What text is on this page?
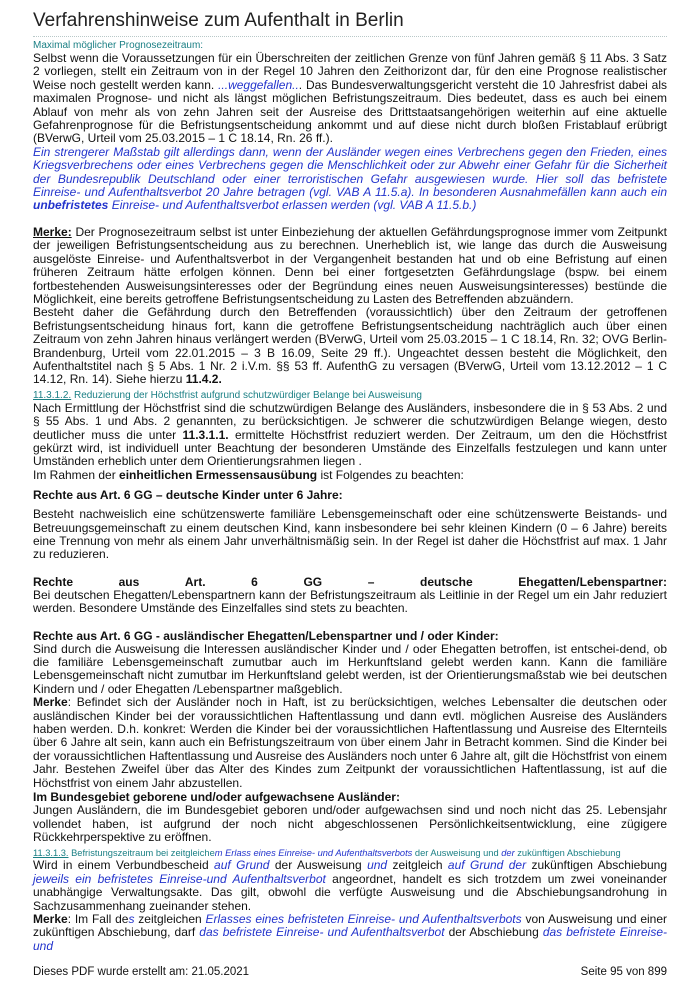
Verfahrenshinweise zum Aufenthalt in Berlin
Maximal möglicher Prognosezeitraum:

Selbst wenn die Voraussetzungen für ein Überschreiten der zeitlichen Grenze von fünf Jahren gemäß § 11 Abs. 3 Satz 2 vorliegen, stellt ein Zeitraum von in der Regel 10 Jahren den Zeithorizont dar, für den eine Prognose realistischer Weise noch gestellt werden kann. ...weggefallen... Das Bundesverwaltungsgericht versteht die 10 Jahresfrist dabei als maximalen Prognose- und nicht als längst möglichen Befristungszeitraum. Dies bedeutet, dass es auch bei einem Ablauf von mehr als von zehn Jahren seit der Ausreise des Drittstaatsangehörigen weiterhin auf eine aktuelle Gefahrenprognose für die Befristungsentscheidung ankommt und auf diese nicht durch bloßen Fristablauf erübrigt (BVerwG, Urteil vom 25.03.2015 – 1 C 18.14, Rn. 26 ff.).

Ein strengerer Maßstab gilt allerdings dann, wenn der Ausländer wegen eines Verbrechens gegen den Frieden, eines Kriegsverbrechens oder eines Verbrechens gegen die Menschlichkeit oder zur Abwehr einer Gefahr für die Sicherheit der Bundesrepublik Deutschland oder einer terroristischen Gefahr ausgewiesen wurde. Hier soll das befristete Einreise- und Aufenthaltsverbot 20 Jahre betragen (vgl. VAB A 11.5.a). In besonderen Ausnahmefällen kann auch ein unbefristetes Einreise- und Aufenthaltsverbot erlassen werden (vgl. VAB A 11.5.b.)

Merke: Der Prognosezeitraum selbst ist unter Einbeziehung der aktuellen Gefährdungsprognose immer vom Zeitpunkt der jeweiligen Befristungsentscheidung aus zu berechnen. Unerheblich ist, wie lange das durch die Ausweisung ausgelöste Einreise- und Aufenthaltsverbot in der Vergangenheit bestanden hat und ob eine Befristung auf einen früheren Zeitraum hätte erfolgen können. Denn bei einer fortgesetzten Gefährdungslage (bspw. bei einem fortbestehenden Ausweisungsinteresses oder der Begründung eines neuen Ausweisungsinteresses) bestünde die Möglichkeit, eine bereits getroffene Befristungsentscheidung zu Lasten des Betreffenden abzuändern.

Besteht daher die Gefährdung durch den Betreffenden (voraussichtlich) über den Zeitraum der getroffenen Befristungsentscheidung hinaus fort, kann die getroffene Befristungsentscheidung nachträglich auch über einen Zeitraum von zehn Jahren hinaus verlängert werden (BVerwG, Urteil vom 25.03.2015 – 1 C 18.14, Rn. 32; OVG Berlin-Brandenburg, Urteil vom 22.01.2015 – 3 B 16.09, Seite 29 ff.). Ungeachtet dessen besteht die Möglichkeit, den Aufenthaltstitel nach § 5 Abs. 1 Nr. 2 i.V.m. §§ 53 ff. AufenthG zu versagen (BVerwG, Urteil vom 13.12.2012 – 1 C 14.12, Rn. 14). Siehe hierzu 11.4.2.

11.3.1.2. Reduzierung der Höchstfrist aufgrund schutzwürdiger Belange bei Ausweisung

Nach Ermittlung der Höchstfrist sind die schutzwürdigen Belange des Ausländers, insbesondere die in § 53 Abs. 2 und § 55 Abs. 1 und Abs. 2 genannten, zu berücksichtigen. Je schwerer die schutzwürdigen Belange wiegen, desto deutlicher muss die unter 11.3.1.1. ermittelte Höchstfrist reduziert werden. Der Zeitraum, um den die Höchstfrist gekürzt wird, ist individuell unter Beachtung der besonderen Umstände des Einzelfalls festzulegen und kann unter Umständen erheblich unter dem Orientierungsrahmen liegen .

Im Rahmen der einheitlichen Ermessensausübung ist Folgendes zu beachten:

Rechte aus Art. 6 GG – deutsche Kinder unter 6 Jahre:

Besteht nachweislich eine schützenswerte familiäre Lebensgemeinschaft oder eine schützenswerte Beistands- und Betreuungsgemeinschaft zu einem deutschen Kind, kann insbesondere bei sehr kleinen Kindern (0 – 6 Jahre) bereits eine Trennung von mehr als einem Jahr unverhältnismäßig sein. In der Regel ist daher die Höchstfrist auf max. 1 Jahr zu reduzieren.

Rechte	aus	Art.	6	GG	–	deutsche	Ehegatten/Lebenspartner:

Bei deutschen Ehegatten/Lebenspartnern kann der Befristungszeitraum als Leitlinie in der Regel um ein Jahr reduziert werden. Besondere Umstände des Einzelfalles sind stets zu beachten.

Rechte aus Art. 6 GG - ausländischer Ehegatten/Lebenspartner und / oder Kinder:

Sind durch die Ausweisung die Interessen ausländischer Kinder und / oder Ehegatten betroffen, ist entschei-dend, ob die familiäre Lebensgemeinschaft zumutbar auch im Herkunftsland gelebt werden kann. Kann die familiäre Lebensgemeinschaft nicht zumutbar im Herkunftsland gelebt werden, ist der Orientierungsmaßstab wie bei deutschen Kindern und / oder Ehegatten /Lebenspartner maßgeblich.

Merke: Befindet sich der Ausländer noch in Haft, ist zu berücksichtigen, welches Lebensalter die deutschen oder ausländischen Kinder bei der voraussichtlichen Haftentlassung und dann evtl. möglichen Ausreise des Ausländers haben werden. D.h. konkret: Werden die Kinder bei der voraussichtlichen Haftentlassung und Ausreise des Elternteils über 6 Jahre alt sein, kann auch ein Befristungszeitraum von über einem Jahr in Betracht kommen. Sind die Kinder bei der voraussichtlichen Haftentlassung und Ausreise des Ausländers noch unter 6 Jahre alt, gilt die Höchstfrist von einem Jahr. Bestehen Zweifel über das Alter des Kindes zum Zeitpunkt der voraussichtlichen Haftentlassung, ist auf die Höchstfrist von einem Jahr abzustellen.

Im Bundesgebiet geborene und/oder aufgewachsene Ausländer:

Jungen Ausländern, die im Bundesgebiet geboren und/oder aufgewachsen sind und noch nicht das 25. Lebensjahr vollendet haben, ist aufgrund der noch nicht abgeschlossenen Persönlichkeitsentwicklung, eine zügigere Rückkehrperspektive zu eröffnen.

11.3.1.3. Befristungszeitraum bei zeitgleichem Erlass eines Einreise- und Aufenthaltsverbots der Ausweisung und der zukünftigen Abschiebung

Wird in einem Verbundbescheid auf Grund der Ausweisung und zeitgleich auf Grund der zukünftigen Abschiebung jeweils ein befristetes Einreise-und Aufenthaltsverbot angeordnet, handelt es sich trotzdem um zwei voneinander unabhängige Verwaltungsakte. Das gilt, obwohl die verfügte Ausweisung und die Abschiebungsandrohung in Sachzusammenhang zueinander stehen.

Merke: Im Fall des zeitgleichen Erlasses eines befristeten Einreise- und Aufenthaltsverbots von Ausweisung und einer zukünftigen Abschiebung, darf das befristete Einreise- und Aufenthaltsverbot der Abschiebung das befristete Einreise- und

Dieses PDF wurde erstellt am: 21.05.2021	Seite 95 von 899
